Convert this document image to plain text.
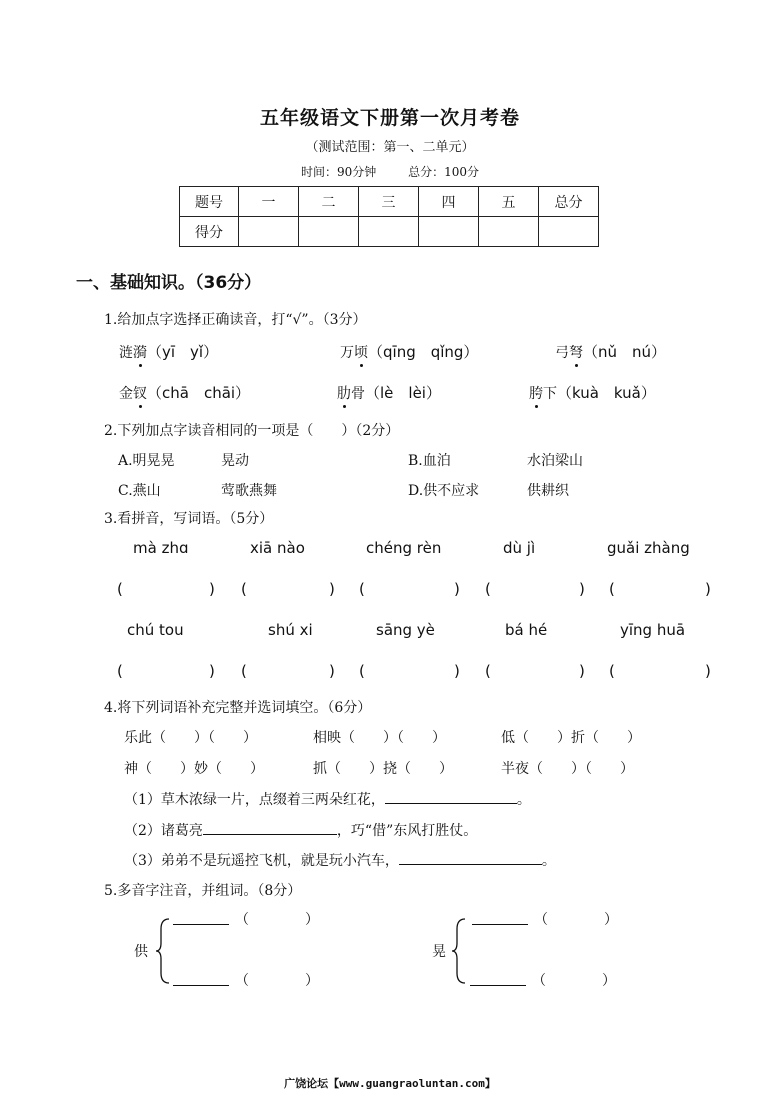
五年级语文下册第一次月考卷
（测试范围：第一、二单元）
时间：90分钟	总分：100分
题号	一	二	三	四	五	总分
得分						
一、基础知识。（36分）
1.给加点字选择正确读音，打“√”。（3分）
涟漪（yī　yǐ）	万顷（qīng　qǐng）	弓弩（nǔ　nú）
金钗（chā　chāi）	肋骨（lè　lèi）	胯下（kuà　kuǎ）
2.下列加点字读音相同的一项是（　　）（2分）
A.明晃晃	晃动	B.血泊	水泊梁山
C.燕山	莺歌燕舞	D.供不应求	供耕织
3.看拼音，写词语。（5分）
mà zhɑ	xiā nào	chéng rèn	dù jì	guǎi zhàng
(	) (	) (	) (	) (	)
chú tou	shú xi	sāng yè	bá hé	yīng huā
(	) (	) (	) (	) (	)
4.将下列词语补充完整并选词填空。（6分）
乐此（　　）（　　）	相映（　　）（　　）	低（　　）折（　　）
神（　　）妙（　　）	抓（　　）挠（　　）	半夜（　　）（　　）
（1）草木浓绿一片，点缀着三两朵红花，	。
（2）诸葛亮	，巧“借”东风打胜仗。
（3）弟弟不是玩遥控飞机，就是玩小汽车，	。
5.多音字注音，并组词。（8分）
供
（　　　　）
（　　　　）
晃
（　　　　）
（　　　　）
广饶论坛【www.guangraoluntan.com】
